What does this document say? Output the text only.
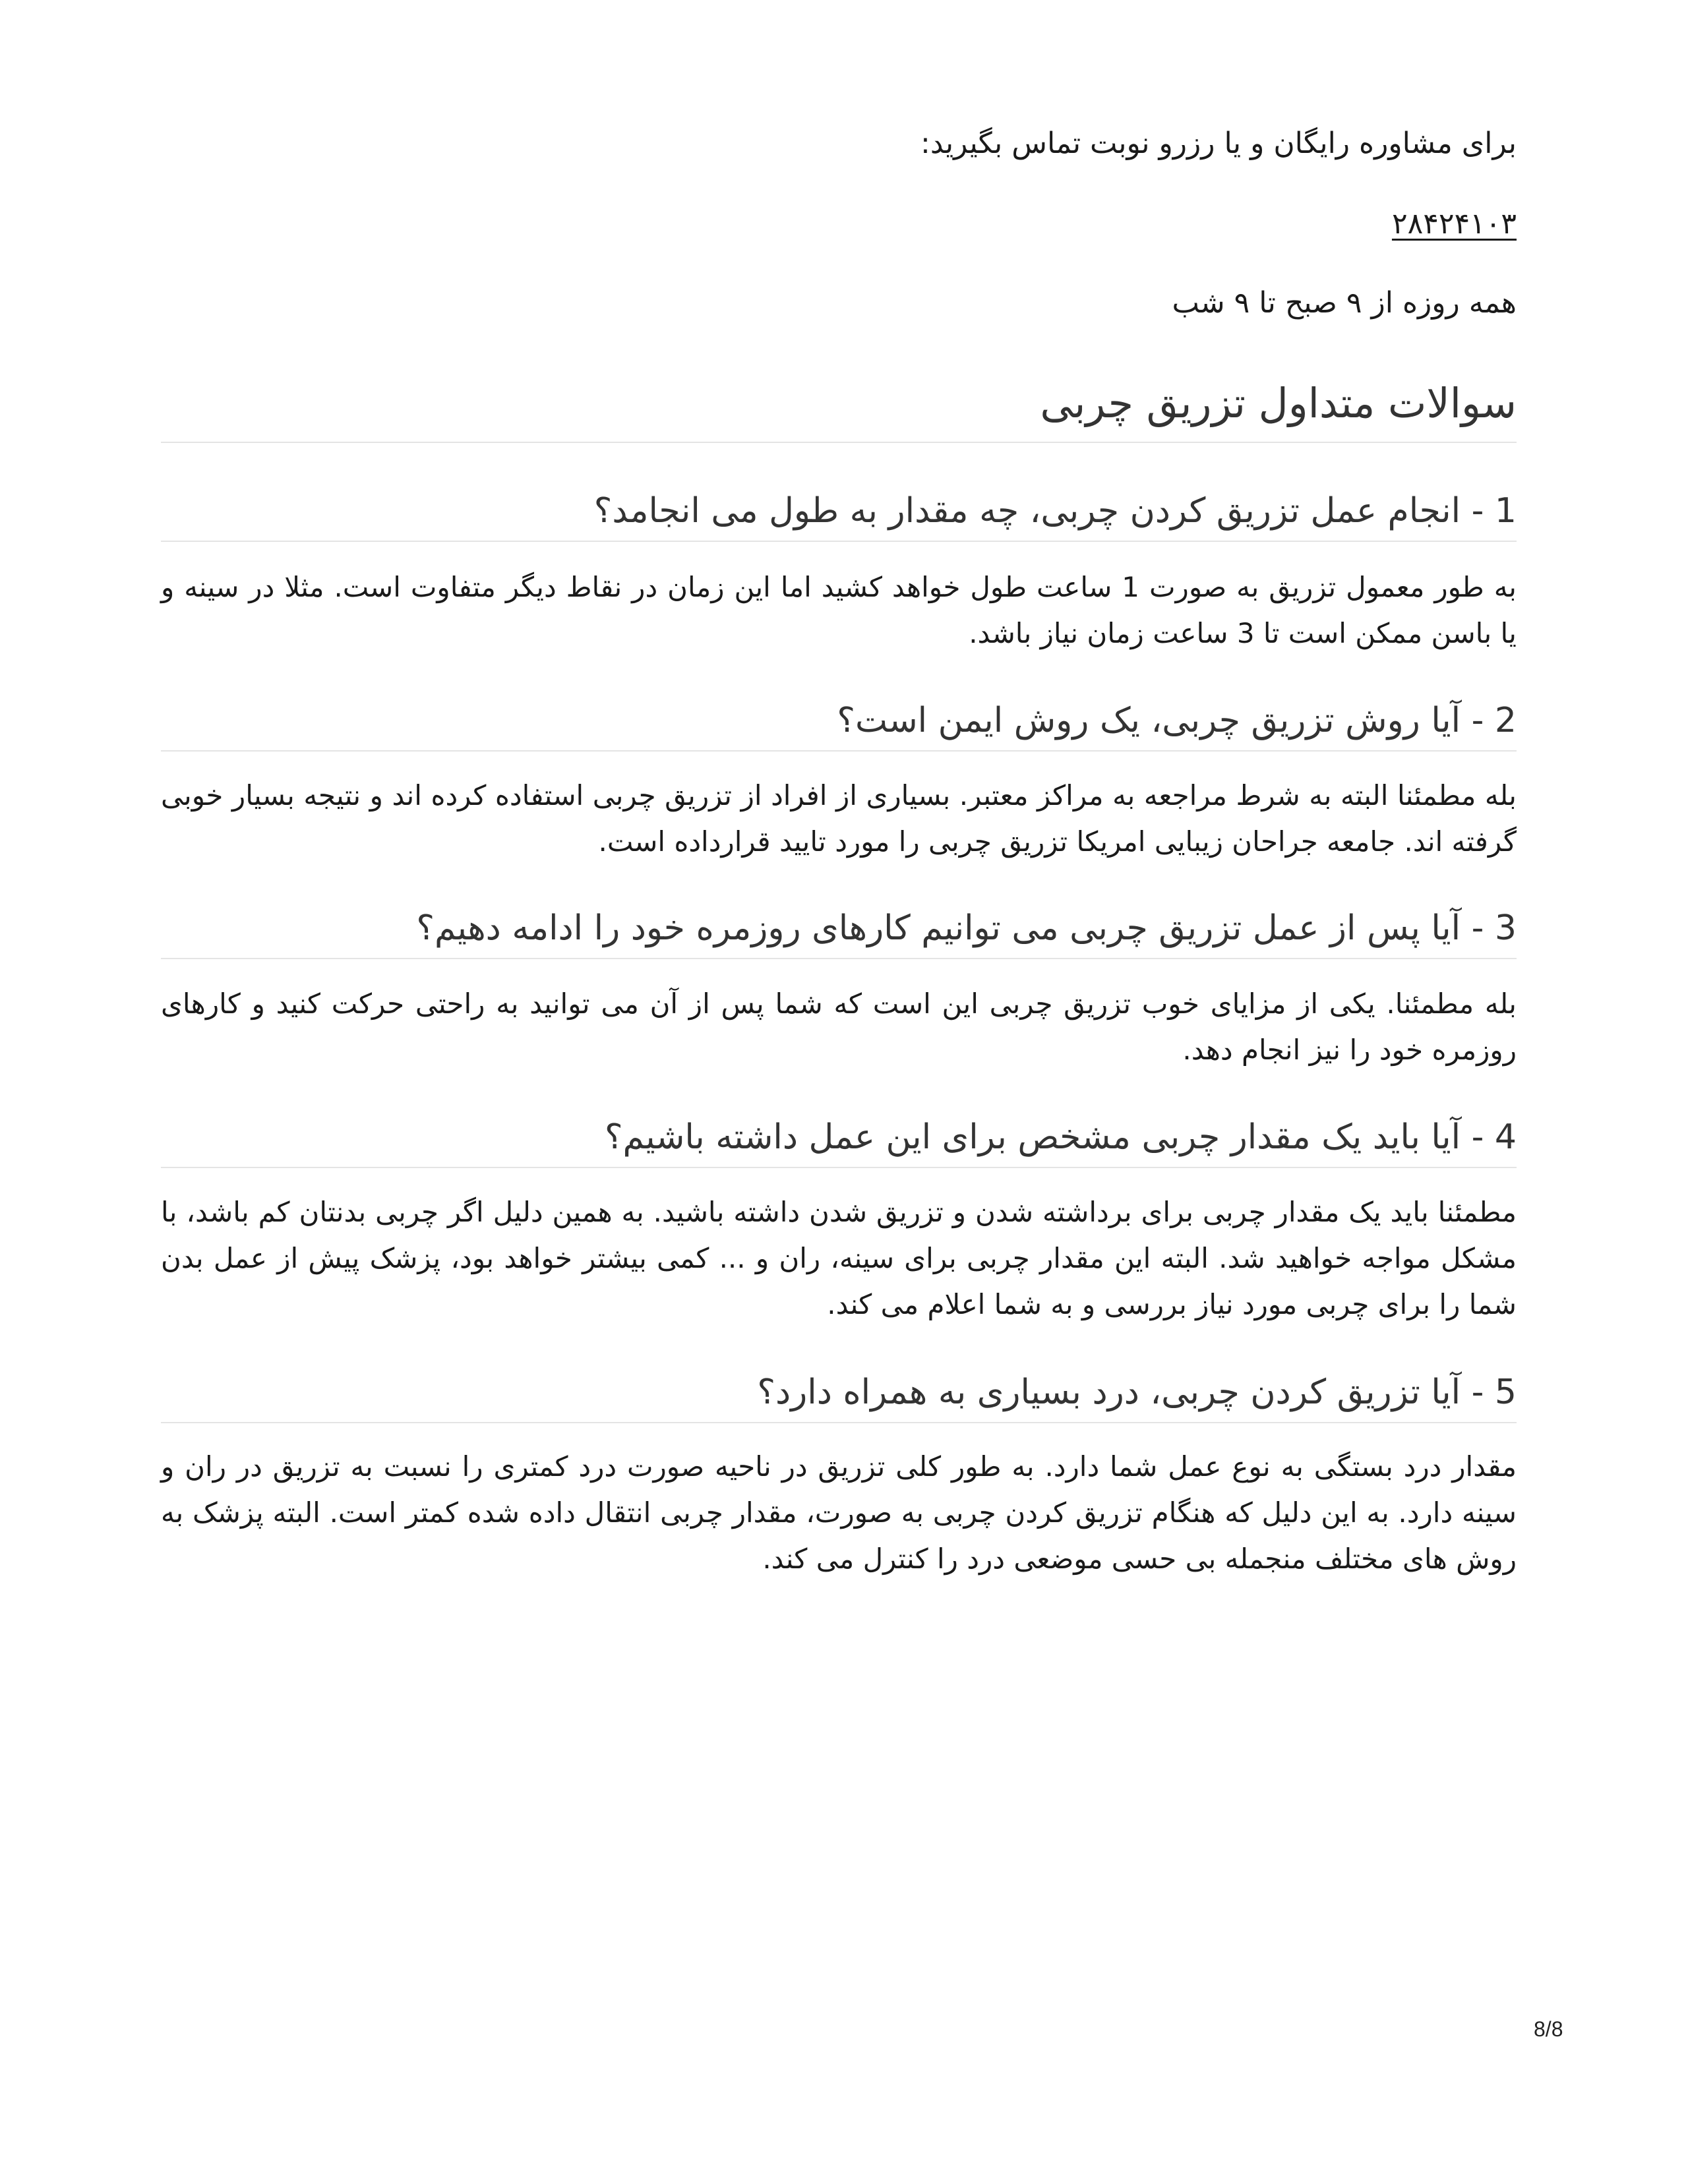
برای مشاوره رایگان و یا رزرو نوبت تماس بگیرید:
۲۸۴۲۴۱۰۳
همه روزه از ۹ صبح تا ۹ شب
سوالات متداول تزریق چربی
1 - انجام عمل تزریق کردن چربی، چه مقدار به طول می انجامد؟
به طور معمول تزریق به صورت 1 ساعت طول خواهد کشید اما این زمان در نقاط دیگر متفاوت است. مثلا در سینه و یا باسن ممکن است تا 3 ساعت زمان نیاز باشد.
2 - آیا روش تزریق چربی، یک روش ایمن است؟
بله مطمئنا البته به شرط مراجعه به مراکز معتبر. بسیاری از افراد از تزریق چربی استفاده کرده اند و نتیجه بسیار خوبی گرفته اند. جامعه جراحان زیبایی امریکا تزریق چربی را مورد تایید قرارداده است.
3 - آیا پس از عمل تزریق چربی می توانیم کارهای روزمره خود را ادامه دهیم؟
بله مطمئنا. یکی از مزایای خوب تزریق چربی این است که شما پس از آن می توانید به راحتی حرکت کنید و کارهای روزمره خود را نیز انجام دهد.
4 - آیا باید یک مقدار چربی مشخص برای این عمل داشته باشیم؟
مطمئنا باید یک مقدار چربی برای برداشته شدن و تزریق شدن داشته باشید. به همین دلیل اگر چربی بدنتان کم باشد، با مشکل مواجه خواهید شد. البته این مقدار چربی برای سینه، ران و ... کمی بیشتر خواهد بود، پزشک پیش از عمل بدن شما را برای چربی مورد نیاز بررسی و به شما اعلام می کند.
5 - آیا تزریق کردن چربی، درد بسیاری به همراه دارد؟
مقدار درد بستگی به نوع عمل شما دارد. به طور کلی تزریق در ناحیه صورت درد کمتری را نسبت به تزریق در ران و سینه دارد. به این دلیل که هنگام تزریق کردن چربی به صورت، مقدار چربی انتقال داده شده کمتر است. البته پزشک به روش های مختلف منجمله بی حسی موضعی درد را کنترل می کند.
8/8
